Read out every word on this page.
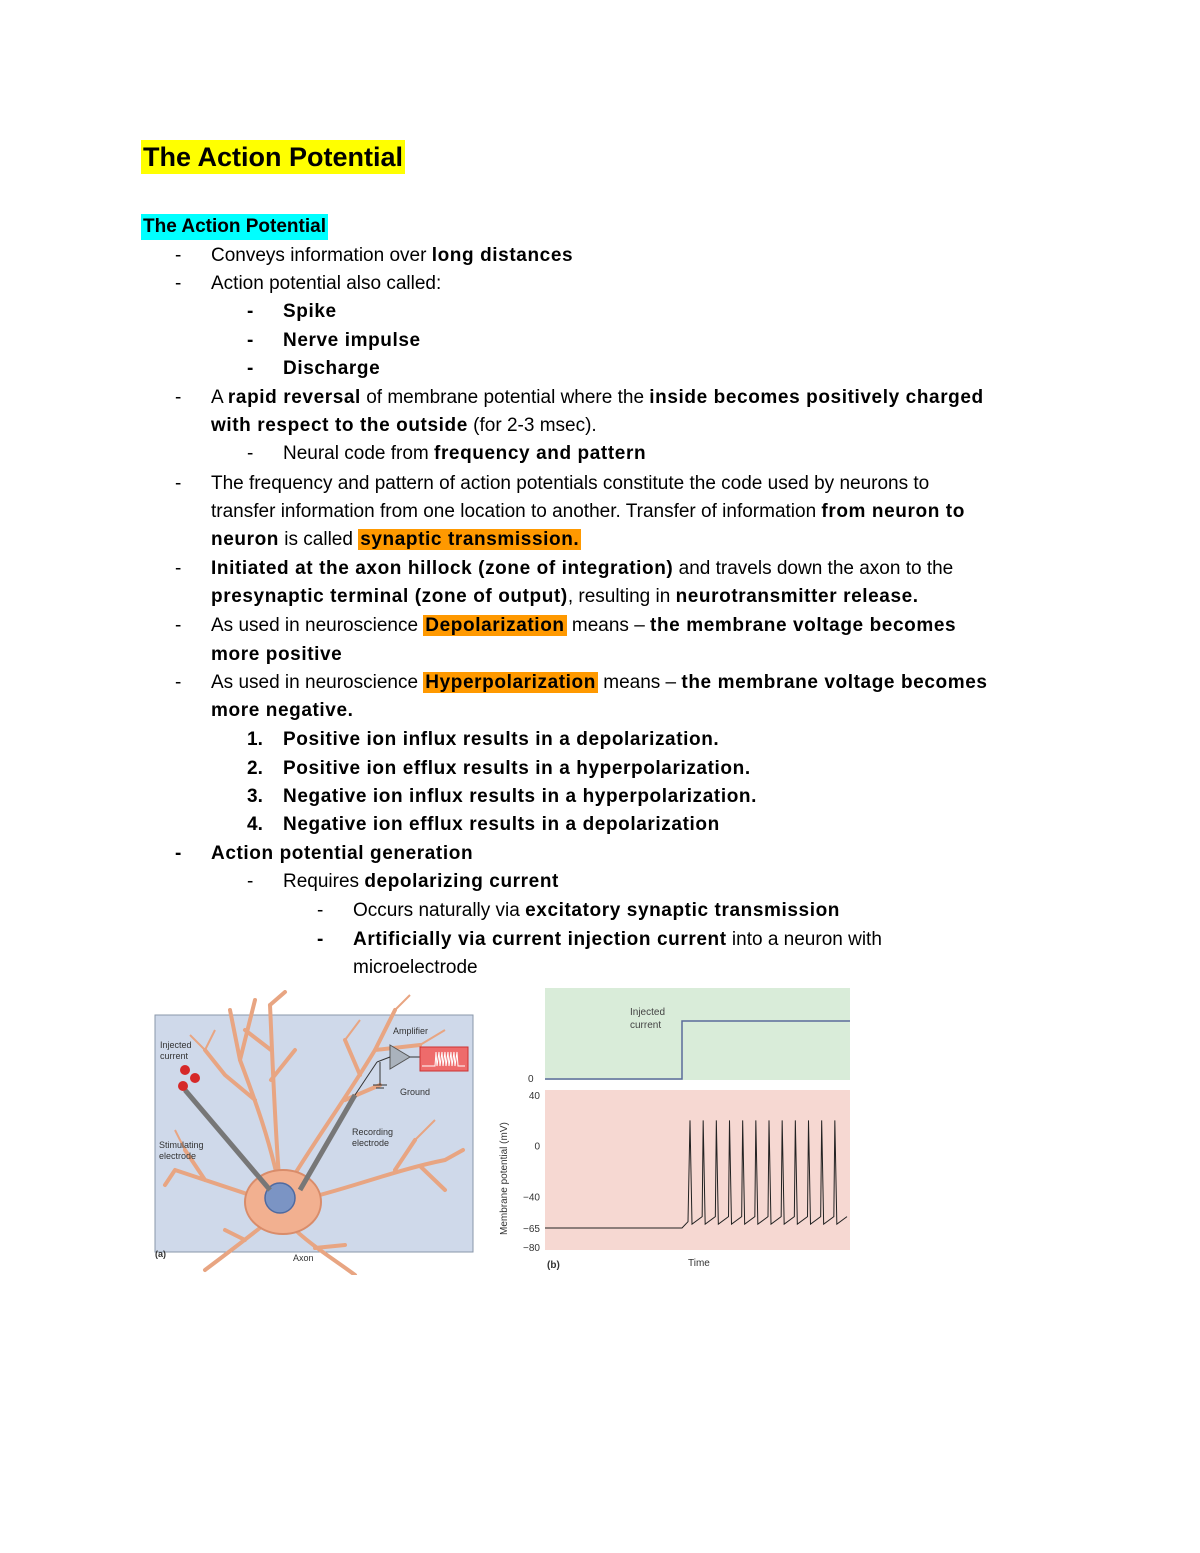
The Action Potential
The Action Potential
- Conveys information over long distances
- Action potential also called:
- Spike
- Nerve impulse
- Discharge
- A rapid reversal of membrane potential where the inside becomes positively charged
with respect to the outside (for 2-3 msec).
- Neural code from frequency and pattern
- The frequency and pattern of action potentials constitute the code used by neurons to
transfer information from one location to another. Transfer of information from neuron to
neuron is called synaptic transmission.
- Initiated at the axon hillock (zone of integration) and travels down the axon to the
presynaptic terminal (zone of output), resulting in neurotransmitter release.
- As used in neuroscience Depolarization means – the membrane voltage becomes
more positive
- As used in neuroscience Hyperpolarization means – the membrane voltage becomes
more negative.
1. Positive ion influx results in a depolarization.
2. Positive ion efflux results in a hyperpolarization.
3. Negative ion influx results in a hyperpolarization.
4. Negative ion efflux results in a depolarization
- Action potential generation
- Requires depolarizing current
- Occurs naturally via excitatory synaptic transmission
- Artificially via current injection current into a neuron with
microelectrode
Injected
current
Amplifier
Ground
Recording
electrode
Stimulating
electrode
Axon
(a)
Injected
current
0
40
0
−40
−65
−80
Membrane potential (mV)
Time
(b)
